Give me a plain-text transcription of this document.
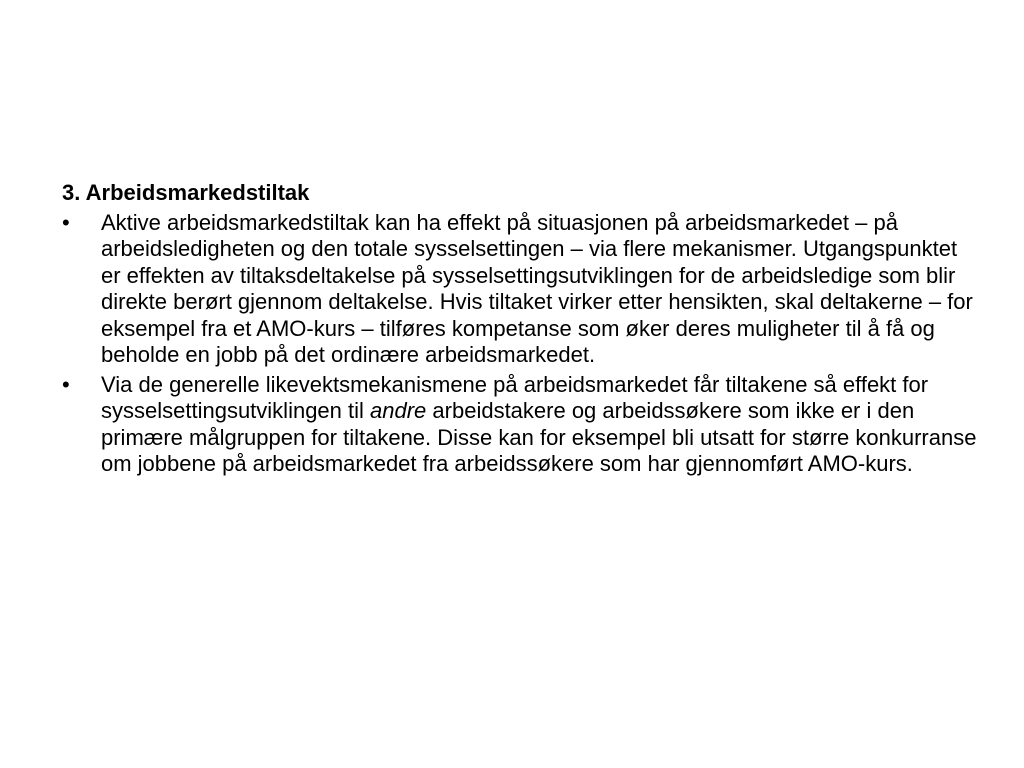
3. Arbeidsmarkedstiltak
• Aktive arbeidsmarkedstiltak kan ha effekt på situasjonen på arbeidsmarkedet – på arbeidsledigheten og den totale sysselsettingen – via flere mekanismer. Utgangspunktet er effekten av tiltaksdeltakelse på sysselsettingsutviklingen for de arbeidsledige som blir direkte berørt gjennom deltakelse. Hvis tiltaket virker etter hensikten, skal deltakerne – for eksempel fra et AMO-kurs – tilføres kompetanse som øker deres muligheter til å få og beholde en jobb på det ordinære arbeidsmarkedet.
• Via de generelle likevektsmekanismene på arbeidsmarkedet får tiltakene så effekt for sysselsettingsutviklingen til andre arbeidstakere og arbeidssøkere som ikke er i den primære målgruppen for tiltakene. Disse kan for eksempel bli utsatt for større konkurranse om jobbene på arbeidsmarkedet fra arbeidssøkere som har gjennomført AMO-kurs.
